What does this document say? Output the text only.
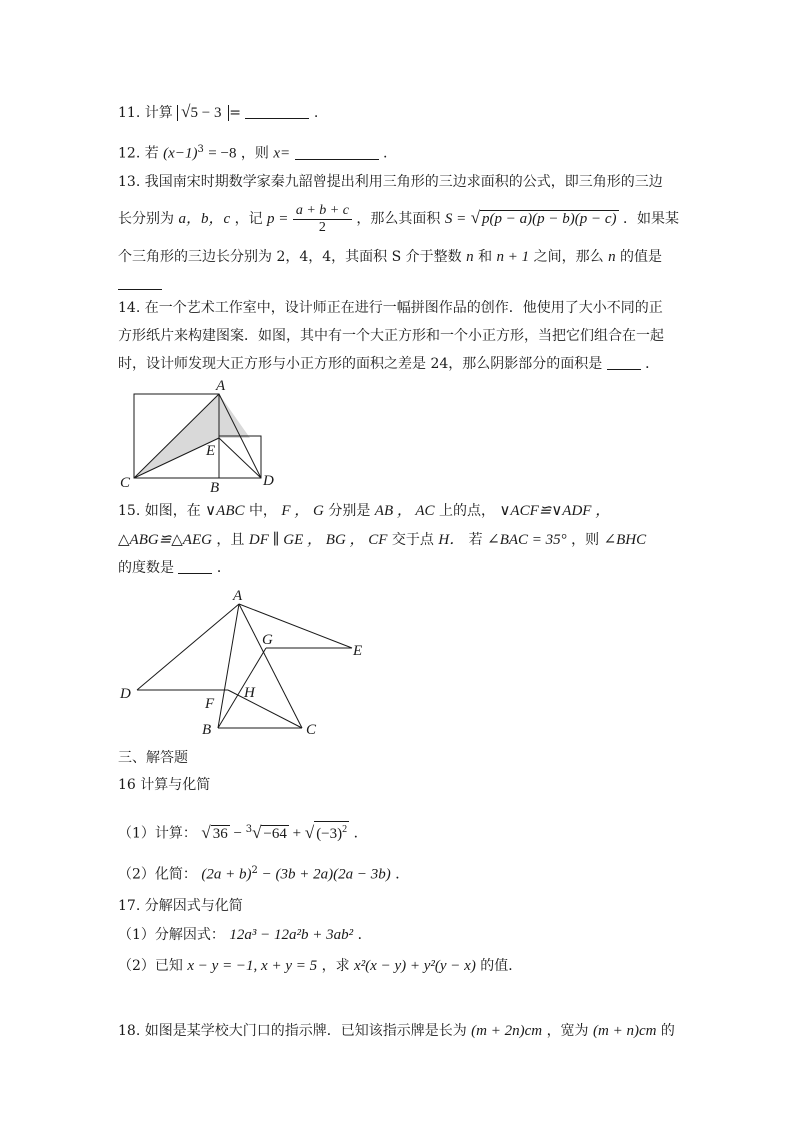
11. 计算 √5 − 3 =	.
12. 若 $(x-1)^3 = -8$ ，则 x=	.
13. 我国南宋时期数学家秦九韶曾提出利用三角形的三边求面积的公式，即三角形的三边
长分别为 a，b，c ，记 $p = \frac{a + b + c}{2}$ ，那么其面积 S = √ p(p − a)(p − b)(p − c) ．如果某
个三角形的三边长分别为 2，4，4，其面积 S 介于整数 n 和 n + 1 之间，那么 n 的值是
14. 在一个艺术工作室中，设计师正在进行一幅拼图作品的创作．他使用了大小不同的正
方形纸片来构建图案．如图，其中有一个大正方形和一个小正方形，当把它们组合在一起
时，设计师发现大正方形与小正方形的面积之差是 24，那么阴影部分的面积是	．
A
E
C	B	D
15. 如图，在 ∨ABC 中， F ， G 分别是 AB ， AC 上的点， ∨ACF≌∨ADF ，
△ABG≌△AEG ，且 DF ∥ GE ， BG ， CF 交于点 H． 若 ∠BAC = 35° ，则 ∠BHC
的度数是	．
A
G
E
D
F
H
B	C
三、解答题
16 计算与化简
（1）计算： √ 36 − $^3$√ −64 + √ $(-3)^2$ ．
（2）化简： $(2a + b)^2 - (3b + 2a)(2a - 3b)$ ．
17. 分解因式与化简
（1）分解因式： 12a³ − 12a²b + 3ab² ．
（2）已知 x − y = −1, x + y = 5 ，求 x²(x − y) + y²(y − x) 的值．
18. 如图是某学校大门口的指示牌．已知该指示牌是长为 (m + 2n)cm ，宽为 (m + n)cm 的
